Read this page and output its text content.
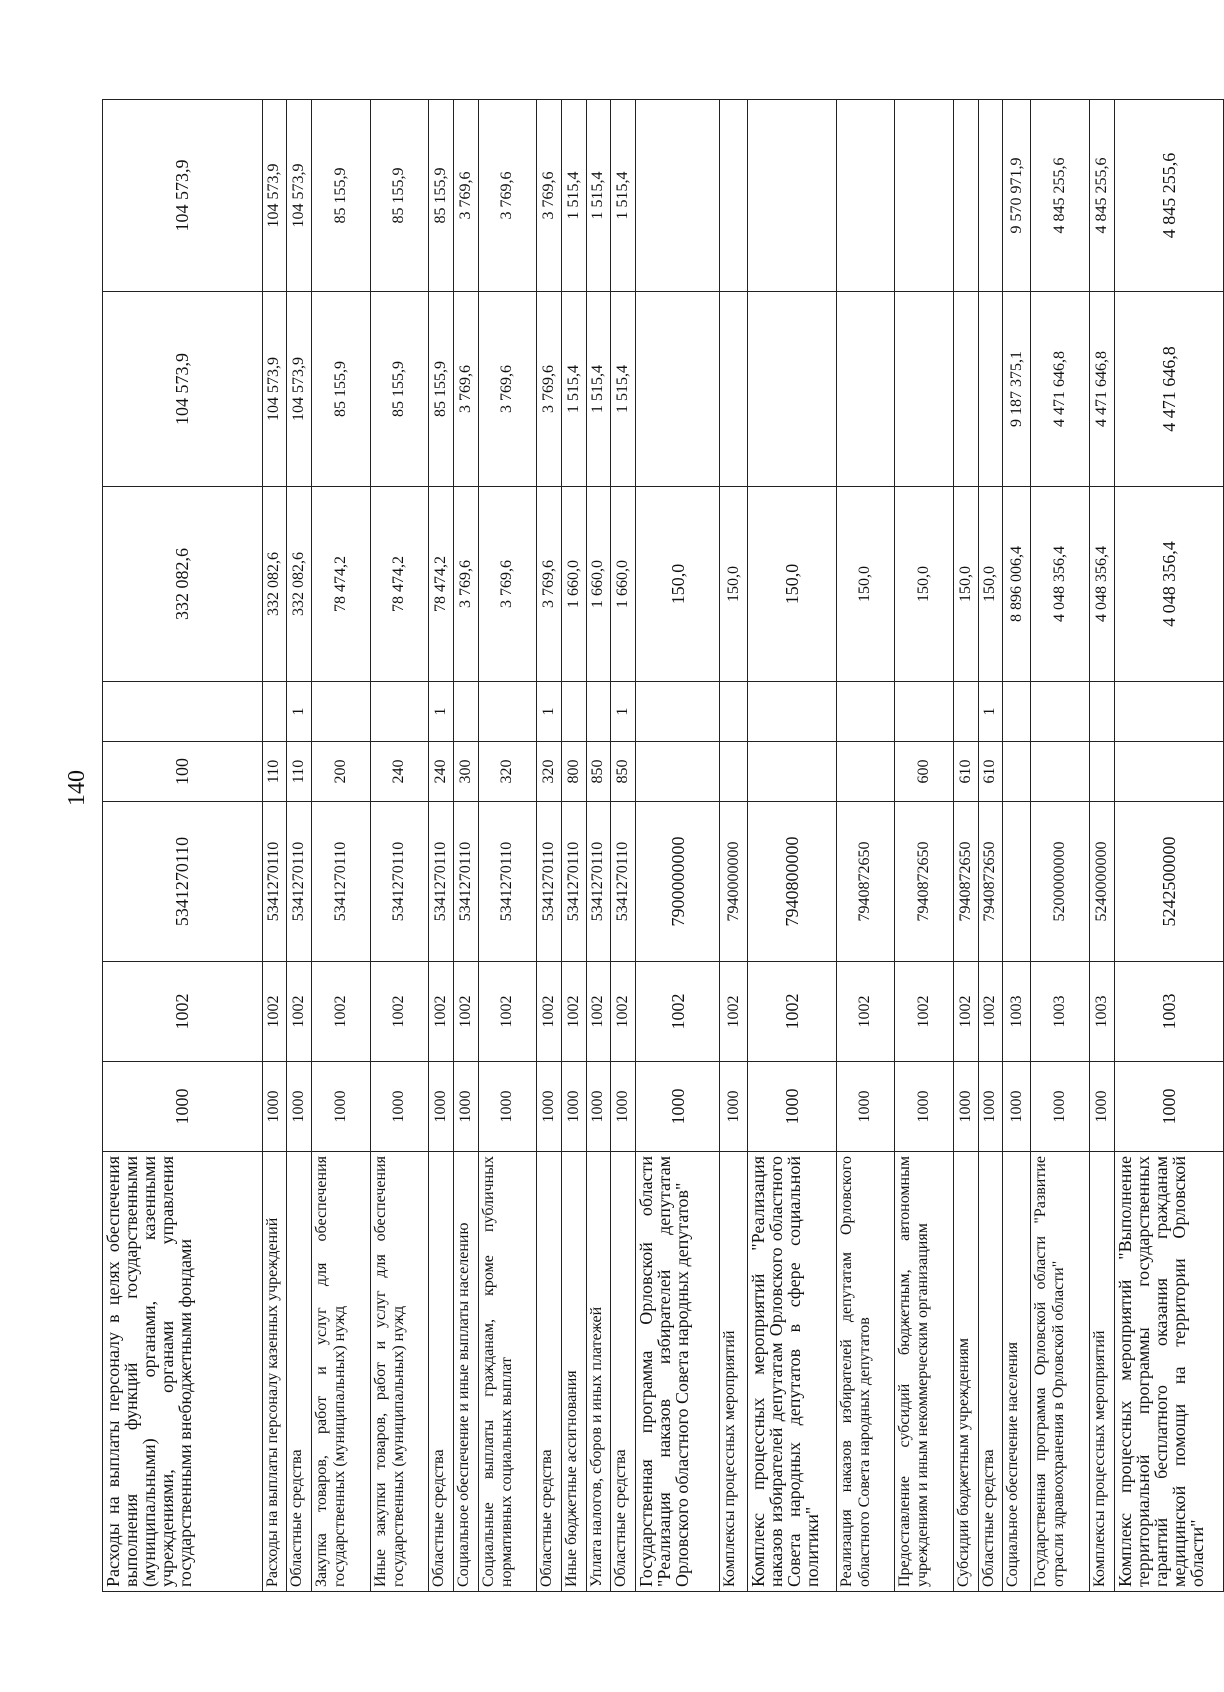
140
Расходы на выплаты персоналу в целях обеспечения выполнения функций государственными (муниципальными) органами, казенными учреждениями, органами управления государственными внебюджетными фондами	1000	1002	5341270110	100		332 082,6	104 573,9	104 573,9
Расходы на выплаты персоналу казенных учреждений	1000	1002	5341270110	110		332 082,6	104 573,9	104 573,9
Областные средства	1000	1002	5341270110	110	1	332 082,6	104 573,9	104 573,9
Закупка товаров, работ и услуг для обеспечения государственных (муниципальных) нужд	1000	1002	5341270110	200		78 474,2	85 155,9	85 155,9
Иные закупки товаров, работ и услуг для обеспечения государственных (муниципальных) нужд	1000	1002	5341270110	240		78 474,2	85 155,9	85 155,9
Областные средства	1000	1002	5341270110	240	1	78 474,2	85 155,9	85 155,9
Социальное обеспечение и иные выплаты населению	1000	1002	5341270110	300		3 769,6	3 769,6	3 769,6
Социальные выплаты гражданам, кроме публичных нормативных социальных выплат	1000	1002	5341270110	320		3 769,6	3 769,6	3 769,6
Областные средства	1000	1002	5341270110	320	1	3 769,6	3 769,6	3 769,6
Иные бюджетные ассигнования	1000	1002	5341270110	800		1 660,0	1 515,4	1 515,4
Уплата налогов, сборов и иных платежей	1000	1002	5341270110	850		1 660,0	1 515,4	1 515,4
Областные средства	1000	1002	5341270110	850	1	1 660,0	1 515,4	1 515,4
Государственная программа Орловской области "Реализация наказов избирателей депутатам Орловского областного Совета народных депутатов"	1000	1002	7900000000			150,0		
Комплексы процессных мероприятий	1000	1002	7940000000			150,0		
Комплекс процессных мероприятий "Реализация наказов избирателей депутатам Орловского областного Совета народных депутатов в сфере социальной политики"	1000	1002	7940800000			150,0		
Реализация наказов избирателей депутатам Орловского областного Совета народных депутатов	1000	1002	7940872650			150,0		
Предоставление субсидий бюджетным, автономным учреждениям и иным некоммерческим организациям	1000	1002	7940872650	600		150,0		
Субсидии бюджетным учреждениям	1000	1002	7940872650	610		150,0		
Областные средства	1000	1002	7940872650	610	1	150,0		
Социальное обеспечение населения	1000	1003				8 896 006,4	9 187 375,1	9 570 971,9
Государственная программа Орловской области "Развитие отрасли здравоохранения в Орловской области"	1000	1003	5200000000			4 048 356,4	4 471 646,8	4 845 255,6
Комплексы процессных мероприятий	1000	1003	5240000000			4 048 356,4	4 471 646,8	4 845 255,6
Комплекс процессных мероприятий "Выполнение территориальной программы государственных гарантий бесплатного оказания гражданам медицинской помощи на территории Орловской области"	1000	1003	5242500000			4 048 356,4	4 471 646,8	4 845 255,6
